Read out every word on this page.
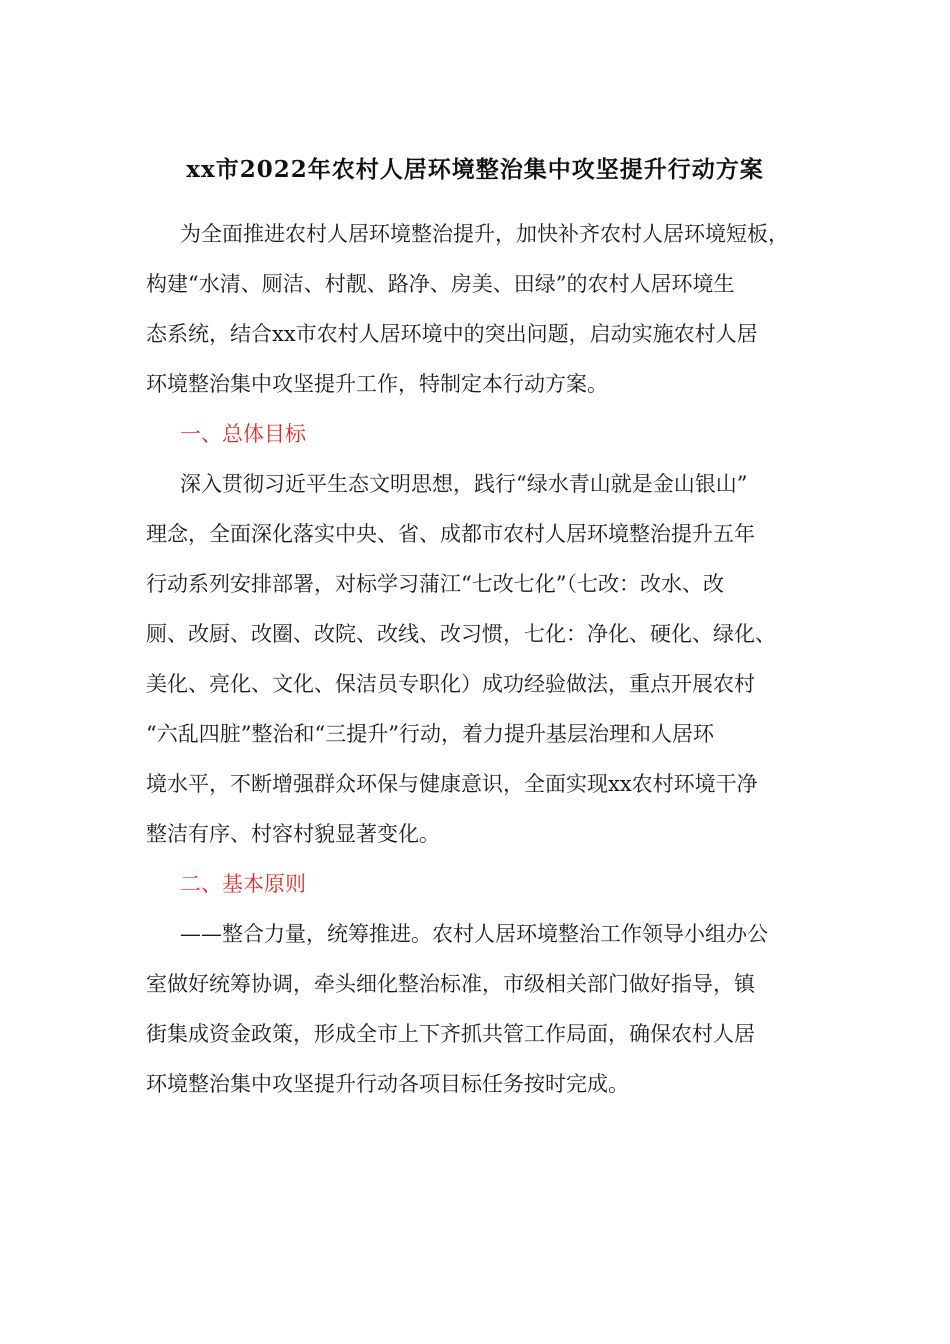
xx市2022年农村人居环境整治集中攻坚提升行动方案
为全面推进农村人居环境整治提升，加快补齐农村人居环境短板，
构建“水清、厕洁、村靓、路净、房美、田绿”的农村人居环境生
态系统，结合xx市农村人居环境中的突出问题，启动实施农村人居
环境整治集中攻坚提升工作，特制定本行动方案。
一、总体目标
深入贯彻习近平生态文明思想，践行“绿水青山就是金山银山”
理念，全面深化落实中央、省、成都市农村人居环境整治提升五年
行动系列安排部署，对标学习蒲江“七改七化”（七改：改水、改
厕、改厨、改圈、改院、改线、改习惯，七化：净化、硬化、绿化、
美化、亮化、文化、保洁员专职化）成功经验做法，重点开展农村
“六乱四脏”整治和“三提升”行动，着力提升基层治理和人居环
境水平，不断增强群众环保与健康意识，全面实现xx农村环境干净
整洁有序、村容村貌显著变化。
二、基本原则
——整合力量，统筹推进。农村人居环境整治工作领导小组办公
室做好统筹协调，牵头细化整治标准，市级相关部门做好指导，镇
街集成资金政策，形成全市上下齐抓共管工作局面，确保农村人居
环境整治集中攻坚提升行动各项目标任务按时完成。
